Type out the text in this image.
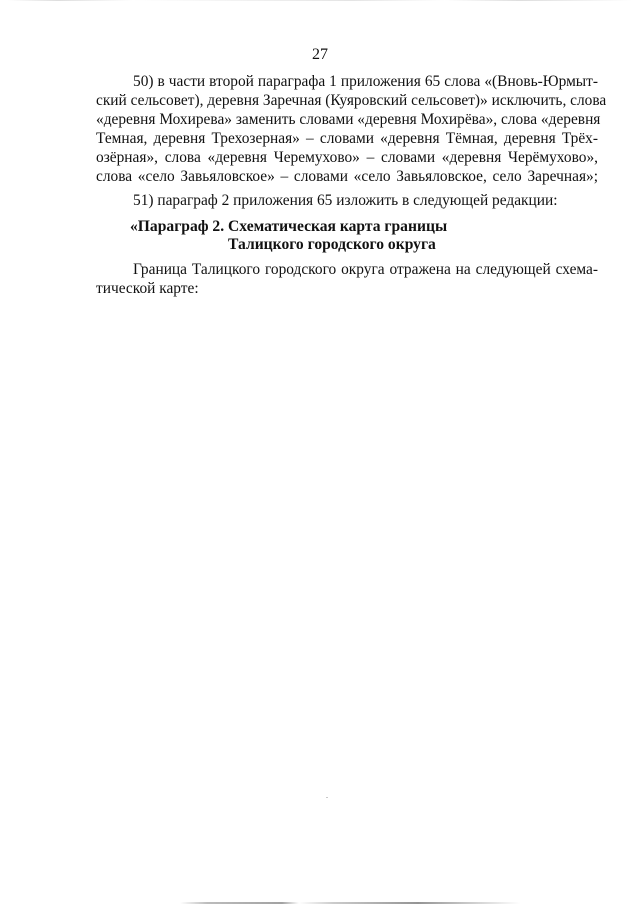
27
50) в части второй параграфа 1 приложения 65 слова «(Вновь-Юрмыт-
ский сельсовет), деревня Заречная (Куяровский сельсовет)» исключить, слова
«деревня Мохирева» заменить словами «деревня Мохирёва», слова «деревня
Темная, деревня Трехозерная» – словами «деревня Тёмная, деревня Трёх-
озёрная», слова «деревня Черемухово» – словами «деревня Черёмухово»,
слова «село Завьяловское» – словами «село Завьяловское, село Заречная»;
51) параграф 2 приложения 65 изложить в следующей редакции:
«Параграф 2. Схематическая карта границы
Талицкого городского округа
Граница Талицкого городского округа отражена на следующей схема-
тической карте:
